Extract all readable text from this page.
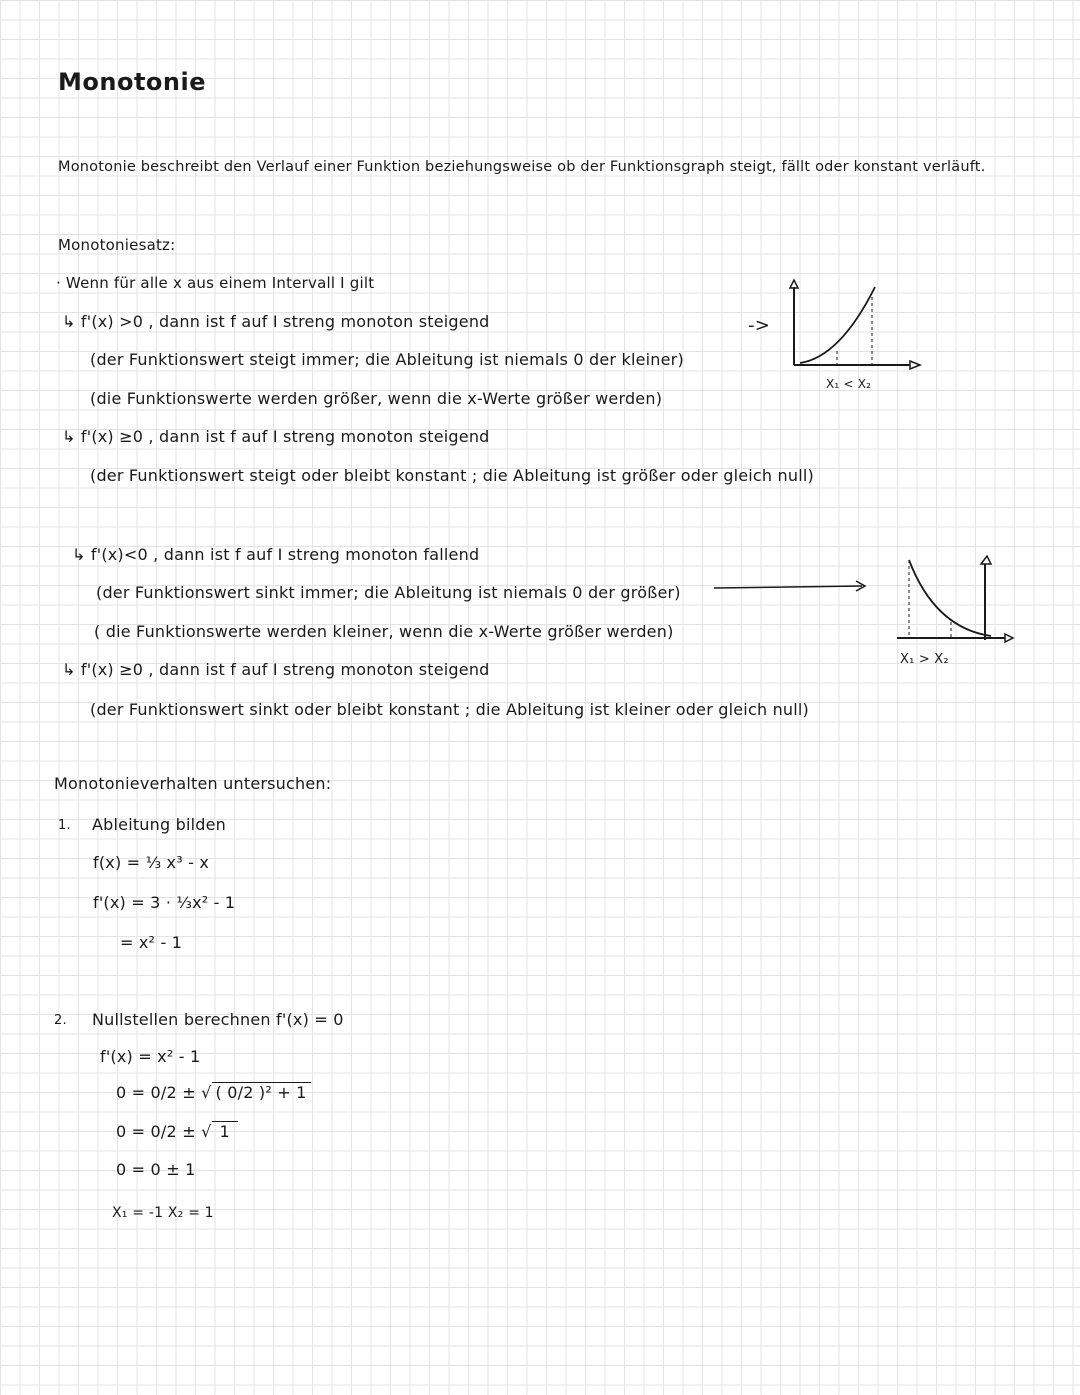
Monotonie
Monotonie beschreibt den Verlauf einer Funktion beziehungsweise ob der Funktionsgraph steigt, fällt oder konstant verläuft.
Monotoniesatz:
· Wenn für alle x aus einem Intervall I gilt
↳ f'(x) >0 , dann ist f auf I streng monoton steigend
(der Funktionswert steigt immer; die Ableitung ist niemals 0 der kleiner)
(die Funktionswerte werden größer, wenn die x-Werte größer werden)
↳ f'(x) ≥0 , dann ist f auf I streng monoton steigend
(der Funktionswert steigt oder bleibt konstant ; die Ableitung ist größer oder gleich null)
->
X₁ < X₂
↳ f'(x)<0 , dann ist f auf I streng monoton fallend
(der Funktionswert sinkt immer; die Ableitung ist niemals 0 der größer)
( die Funktionswerte werden kleiner, wenn die x-Werte größer werden)
↳ f'(x) ≥0 , dann ist f auf I streng monoton steigend
(der Funktionswert sinkt oder bleibt konstant ; die Ableitung ist kleiner oder gleich null)
X₁ > X₂
Monotonieverhalten untersuchen:
1. Ableitung bilden
f(x) = ⅓ x³ - x
f'(x) = 3 · ⅓x² - 1
= x² - 1
2. Nullstellen berechnen f'(x) = 0
f'(x) = x² - 1
0 = 0/2 ± √ ( 0/2 )² + 1
0 = 0/2 ± √ 1
0 = 0 ± 1
X₁ = -1 X₂ = 1
